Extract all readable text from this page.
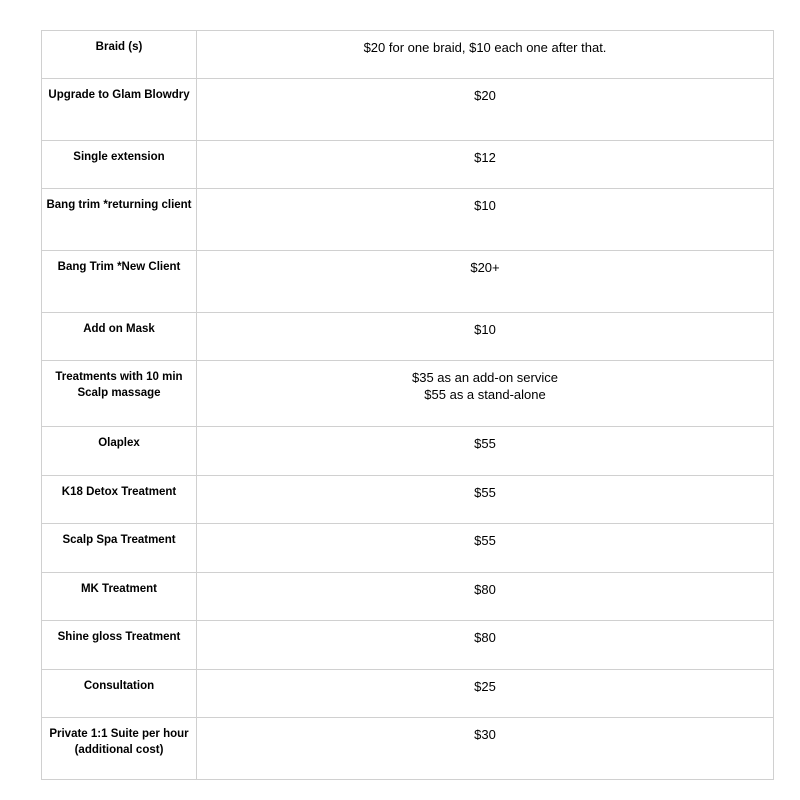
Braid (s)	$20 for one braid, $10 each one after that.

Upgrade to Glam Blowdry	$20

Single extension	$12

Bang trim *returning client	$10

Bang Trim *New Client	$20+

Add on Mask	$10

Treatments with 10 min Scalp massage	$35 as an add-on service
$55 as a stand-alone

Olaplex	$55

K18 Detox Treatment	$55

Scalp Spa Treatment	$55

MK Treatment	$80

Shine gloss Treatment	$80

Consultation	$25

Private 1:1 Suite per hour (additional cost)	$30
